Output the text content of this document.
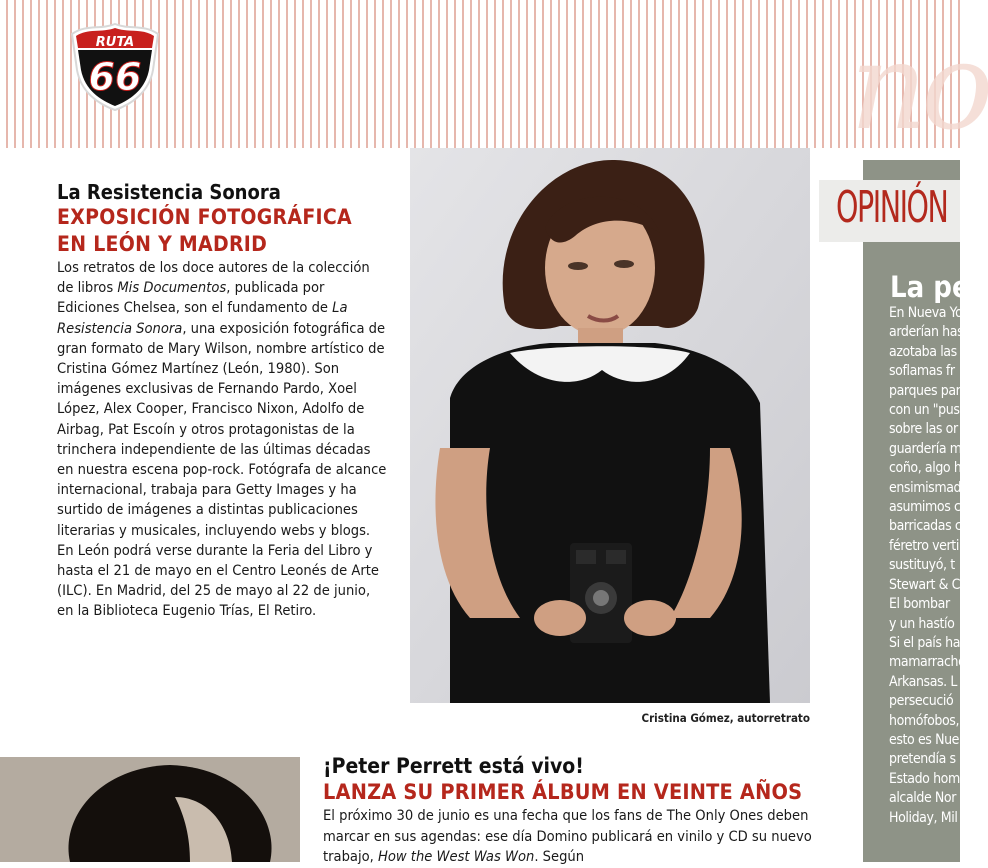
no
RUTA
66
La Resistencia Sonora
EXPOSICIÓN FOTOGRÁFICA
EN LEÓN Y MADRID

Los retratos de los doce autores de la colección de libros Mis Documentos, publicada por Ediciones Chelsea, son el fundamento de La Resistencia Sonora, una exposición fotográfica de gran formato de Mary Wilson, nombre artístico de Cristina Gómez Martínez (León, 1980). Son imágenes exclusivas de Fernando Pardo, Xoel López, Alex Cooper, Francisco Nixon, Adolfo de Airbag, Pat Escoín y otros protagonistas de la trinchera independiente de las últimas décadas en nuestra escena pop-rock. Fotógrafa de alcance internacional, trabaja para Getty Images y ha surtido de imágenes a distintas publicaciones literarias y musicales, incluyendo webs y blogs. En León podrá verse durante la Feria del Libro y hasta el 21 de mayo en el Centro Leonés de Arte (ILC). En Madrid, del 25 de mayo al 22 de junio, en la Biblioteca Eugenio Trías, El Retiro.

Cristina Gómez, autorretrato
OPINIÓN
La pe
En Nueva Yo
arderían has
azotaba las
soflamas fr
parques par
con un "pus
sobre las or
guardería m
coño, algo h
ensimismad
asumimos c
barricadas c
féretro verti
sustituyó, t
Stewart & C
El bombar
y un hastío
Si el país ha
mamarracho
Arkansas. L
persecució
homófobos,
esto es Nue
pretendía s
Estado hom
alcalde Nor
Holiday, Mil
¡Peter Perrett está vivo!
LANZA SU PRIMER ÁLBUM EN VEINTE AÑOS

El próximo 30 de junio es una fecha que los fans de The Only Ones deben marcar en sus agendas: ese día Domino publicará en vinilo y CD su nuevo trabajo, How the West Was Won. Según
